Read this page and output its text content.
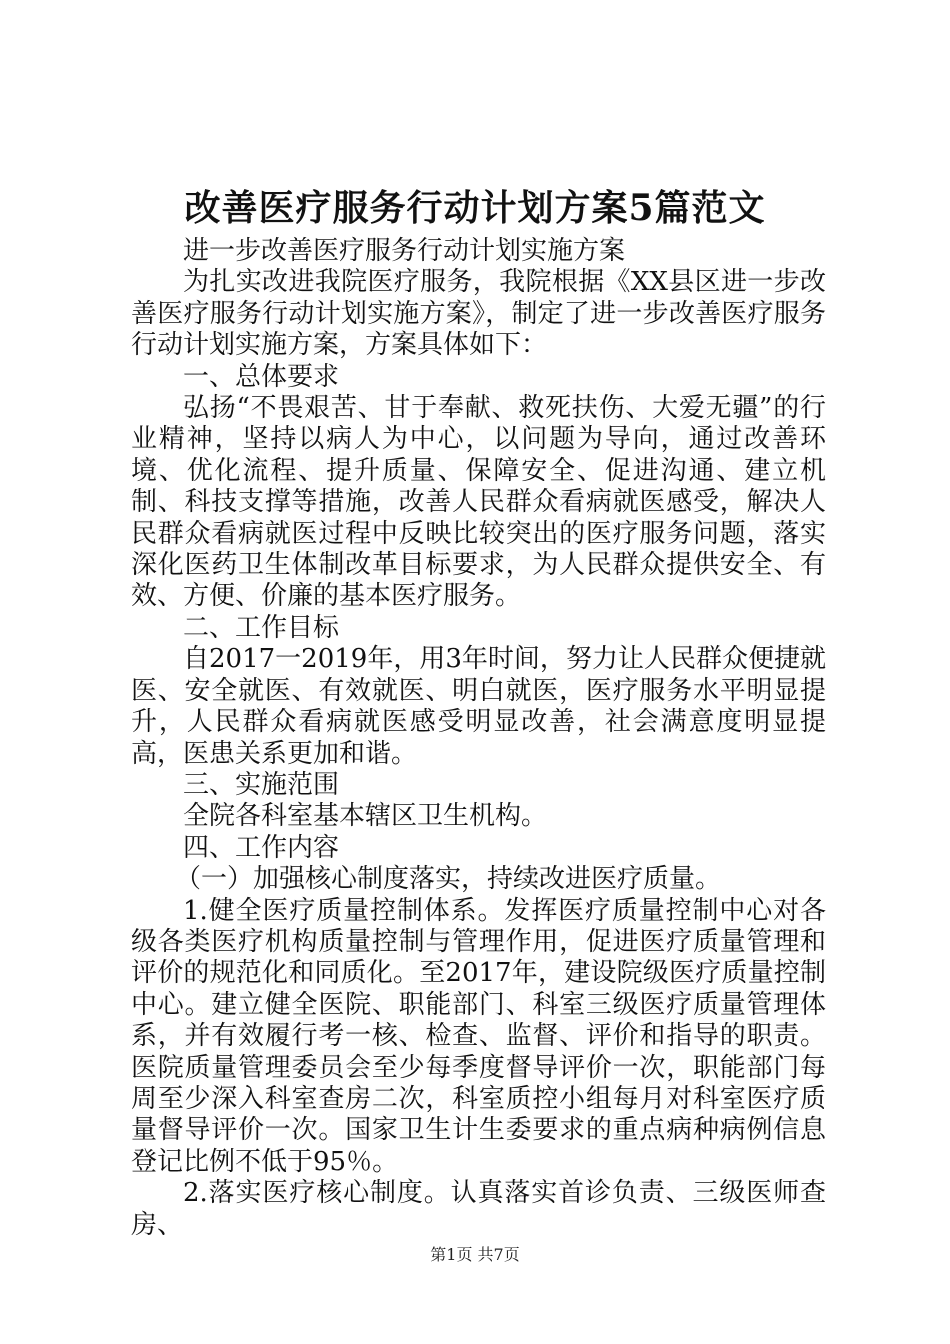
改善医疗服务行动计划方案5篇范文

进一步改善医疗服务行动计划实施方案

为扎实改进我院医疗服务，我院根据《XX县区进一步改善医疗服务行动计划实施方案》，制定了进一步改善医疗服务行动计划实施方案，方案具体如下：

一、总体要求

弘扬“不畏艰苦、甘于奉献、救死扶伤、大爱无疆”的行业精神，坚持以病人为中心，以问题为导向，通过改善环境、优化流程、提升质量、保障安全、促进沟通、建立机制、科技支撑等措施，改善人民群众看病就医感受，解决人民群众看病就医过程中反映比较突出的医疗服务问题，落实深化医药卫生体制改革目标要求，为人民群众提供安全、有效、方便、价廉的基本医疗服务。

二、工作目标

自2017一2019年，用3年时间，努力让人民群众便捷就医、安全就医、有效就医、明白就医，医疗服务水平明显提升，人民群众看病就医感受明显改善，社会满意度明显提高，医患关系更加和谐。

三、实施范围

全院各科室基本辖区卫生机构。

四、工作内容

（一）加强核心制度落实，持续改进医疗质量。

1.健全医疗质量控制体系。发挥医疗质量控制中心对各级各类医疗机构质量控制与管理作用，促进医疗质量管理和评价的规范化和同质化。至2017年，建设院级医疗质量控制中心。建立健全医院、职能部门、科室三级医疗质量管理体系，并有效履行考一核、检查、监督、评价和指导的职责。医院质量管理委员会至少每季度督导评价一次，职能部门每周至少深入科室查房二次，科室质控小组每月对科室医疗质量督导评价一次。国家卫生计生委要求的重点病种病例信息登记比例不低于95％。

2.落实医疗核心制度。认真落实首诊负责、三级医师查房、

第1页 共7页
